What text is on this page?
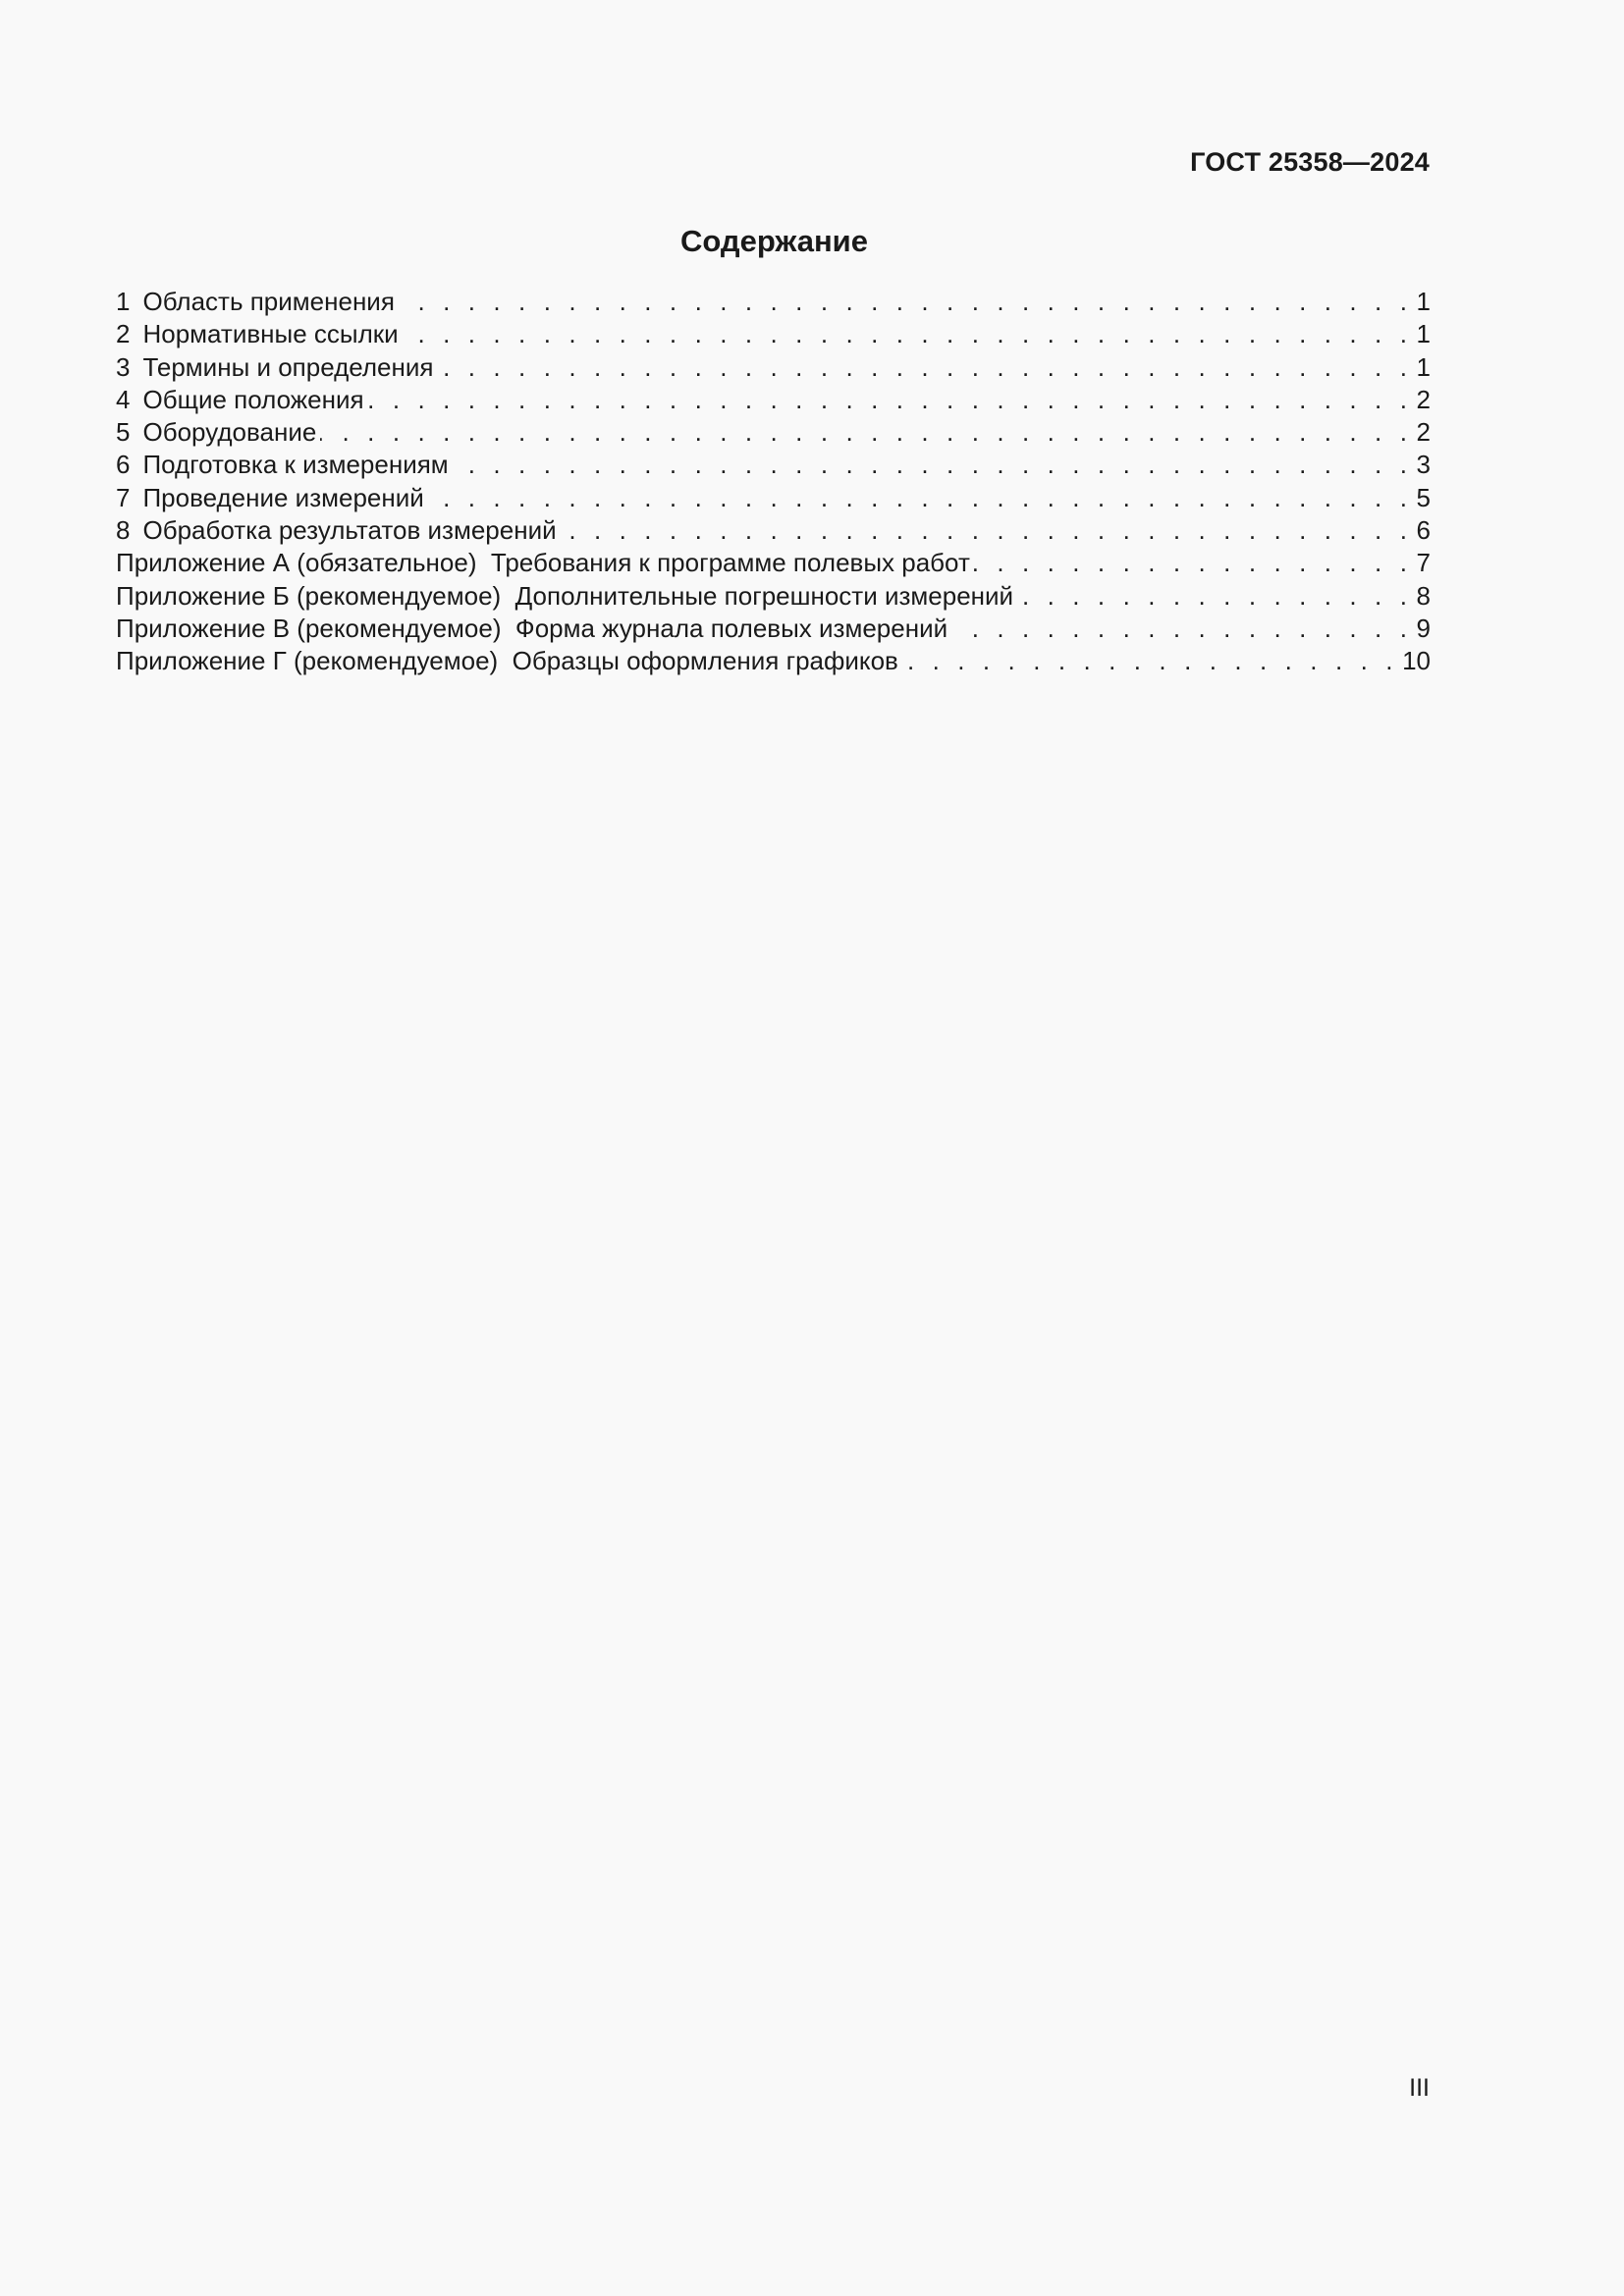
ГОСТ 25358—2024
Содержание
1 Область применения . . .	1
2 Нормативные ссылки . . .	1
3 Термины и определения . . .	1
4 Общие положения . . .	2
5 Оборудование . . .	2
6 Подготовка к измерениям . . .	3
7 Проведение измерений . . .	5
8 Обработка результатов измерений . . .	6
Приложение А (обязательное)  Требования к программе полевых работ . . .	7
Приложение Б (рекомендуемое)  Дополнительные погрешности измерений . . .	8
Приложение В (рекомендуемое)  Форма журнала полевых измерений . . .	9
Приложение Г (рекомендуемое)  Образцы оформления графиков . . .	10
III
